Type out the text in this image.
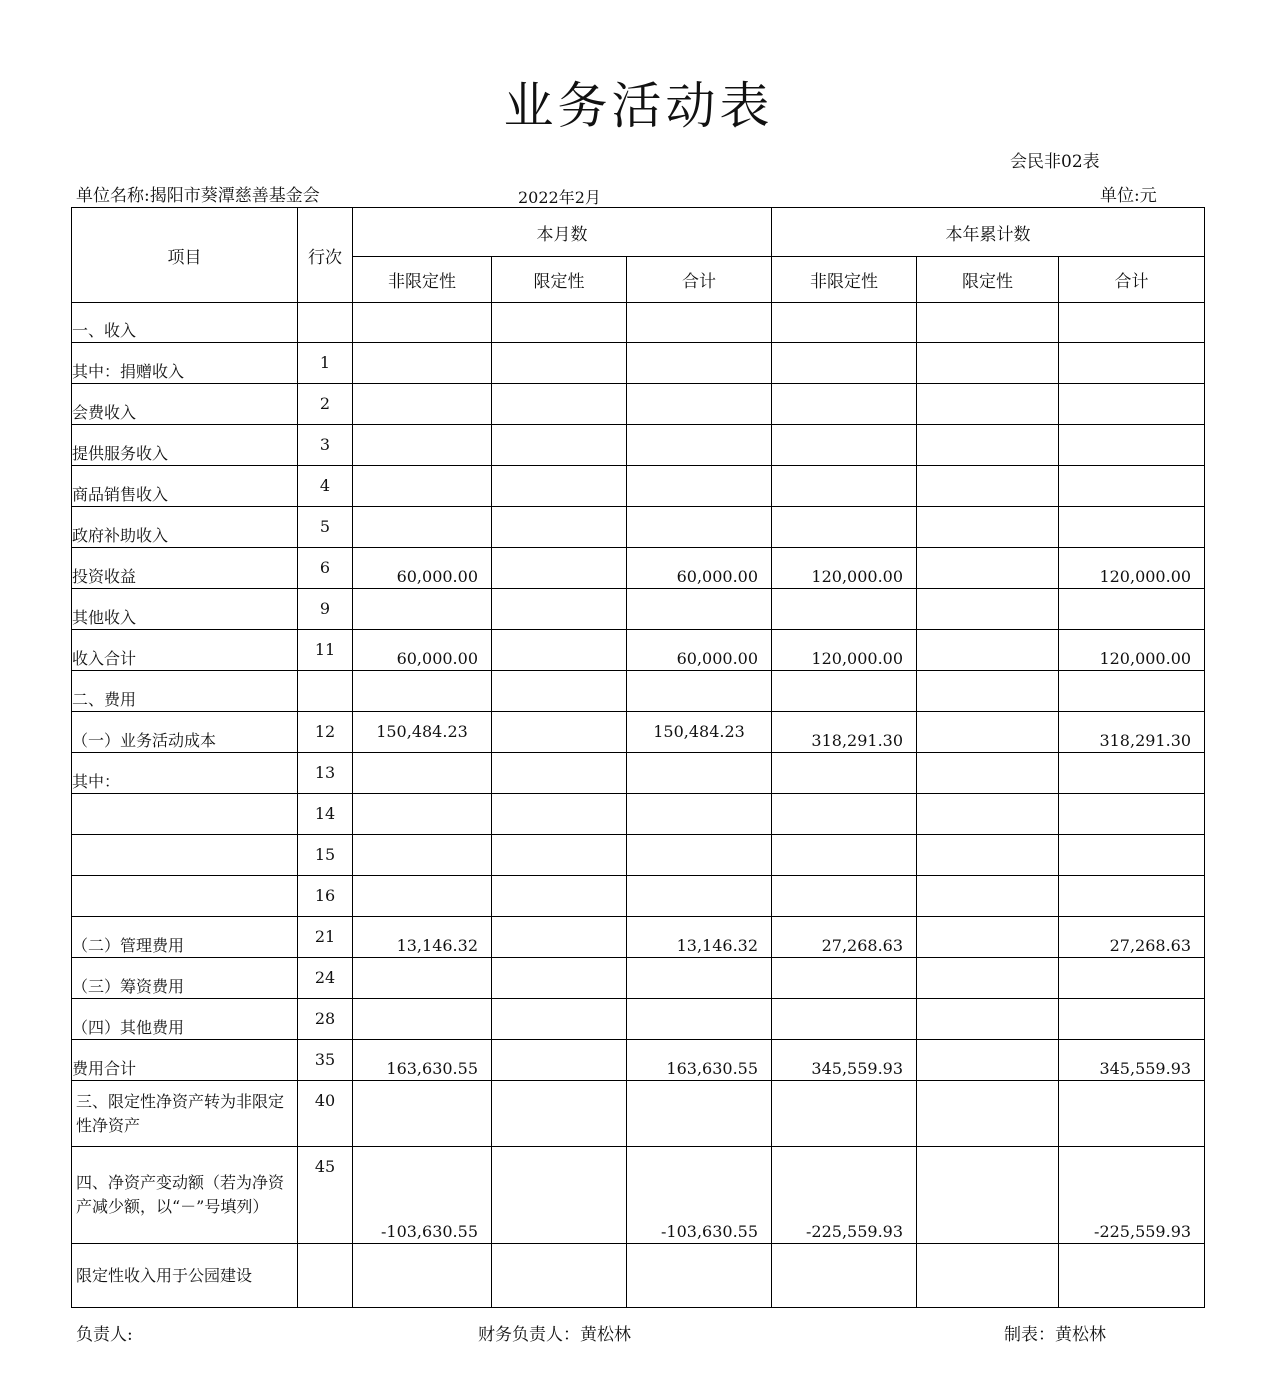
业务活动表
会民非02表
单位名称:揭阳市葵潭慈善基金会	2022年2月	单位:元
项目	行次	本月数			本年累计数		
		非限定性	限定性	合计	非限定性	限定性	合计

一、收入							

其中：捐赠收入	1						

会费收入	2						

提供服务收入	3						

商品销售收入	4						

政府补助收入	5						

投资收益	6	60,000.00		60,000.00	120,000.00		120,000.00

其他收入	9						

收入合计	11	60,000.00		60,000.00	120,000.00		120,000.00

二、费用							

（一）业务活动成本	12	150,484.23		150,484.23	318,291.30		318,291.30

其中：	13						

	14						

	15						

	16						

（二）管理费用	21	13,146.32		13,146.32	27,268.63		27,268.63

（三）筹资费用	24						

（四）其他费用	28						

费用合计	35	163,630.55		163,630.55	345,559.93		345,559.93
三、限定性净资产转为非限定性净资产	40						
四、净资产变动额（若为净资产减少额，以“－”号填列）	45	-103,630.55		-103,630.55	-225,559.93		-225,559.93
限定性收入用于公园建设							
负责人:	财务负责人：黄松林	制表：黄松林
